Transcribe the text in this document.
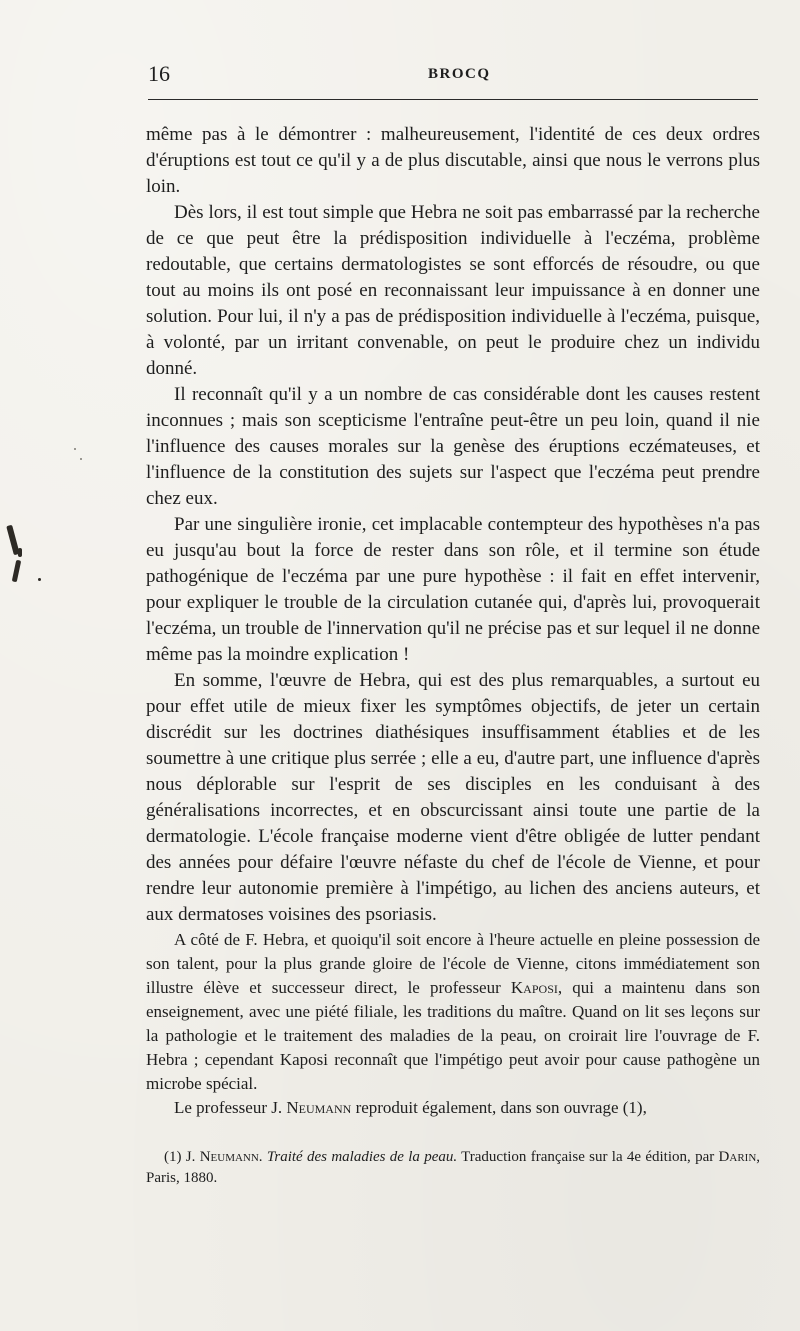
16	BROCQ

même pas à le démontrer : malheureusement, l'identité de ces deux ordres d'éruptions est tout ce qu'il y a de plus discutable, ainsi que nous le verrons plus loin.

Dès lors, il est tout simple que Hebra ne soit pas embarrassé par la recherche de ce que peut être la prédisposition individuelle à l'eczéma, problème redoutable, que certains dermatologistes se sont efforcés de résoudre, ou que tout au moins ils ont posé en reconnaissant leur impuissance à en donner une solution. Pour lui, il n'y a pas de prédisposition individuelle à l'eczéma, puisque, à volonté, par un irritant convenable, on peut le produire chez un individu donné.

Il reconnaît qu'il y a un nombre de cas considérable dont les causes restent inconnues ; mais son scepticisme l'entraîne peut-être un peu loin, quand il nie l'influence des causes morales sur la genèse des éruptions eczémateuses, et l'influence de la constitution des sujets sur l'aspect que l'eczéma peut prendre chez eux.

Par une singulière ironie, cet implacable contempteur des hypothèses n'a pas eu jusqu'au bout la force de rester dans son rôle, et il termine son étude pathogénique de l'eczéma par une pure hypothèse : il fait en effet intervenir, pour expliquer le trouble de la circulation cutanée qui, d'après lui, provoquerait l'eczéma, un trouble de l'innervation qu'il ne précise pas et sur lequel il ne donne même pas la moindre explication !

En somme, l'œuvre de Hebra, qui est des plus remarquables, a surtout eu pour effet utile de mieux fixer les symptômes objectifs, de jeter un certain discrédit sur les doctrines diathésiques insuffisamment établies et de les soumettre à une critique plus serrée ; elle a eu, d'autre part, une influence d'après nous déplorable sur l'esprit de ses disciples en les conduisant à des généralisations incorrectes, et en obscurcissant ainsi toute une partie de la dermatologie. L'école française moderne vient d'être obligée de lutter pendant des années pour défaire l'œuvre néfaste du chef de l'école de Vienne, et pour rendre leur autonomie première à l'impétigo, au lichen des anciens auteurs, et aux dermatoses voisines des psoriasis.

A côté de F. Hebra, et quoiqu'il soit encore à l'heure actuelle en pleine possession de son talent, pour la plus grande gloire de l'école de Vienne, citons immédiatement son illustre élève et successeur direct, le professeur Kaposi, qui a maintenu dans son enseignement, avec une piété filiale, les traditions du maître. Quand on lit ses leçons sur la pathologie et le traitement des maladies de la peau, on croirait lire l'ouvrage de F. Hebra ; cependant Kaposi reconnaît que l'impétigo peut avoir pour cause pathogène un microbe spécial.

Le professeur J. Neumann reproduit également, dans son ouvrage (1),

(1) J. Neumann. Traité des maladies de la peau. Traduction française sur la 4e édition, par Darin, Paris, 1880.
